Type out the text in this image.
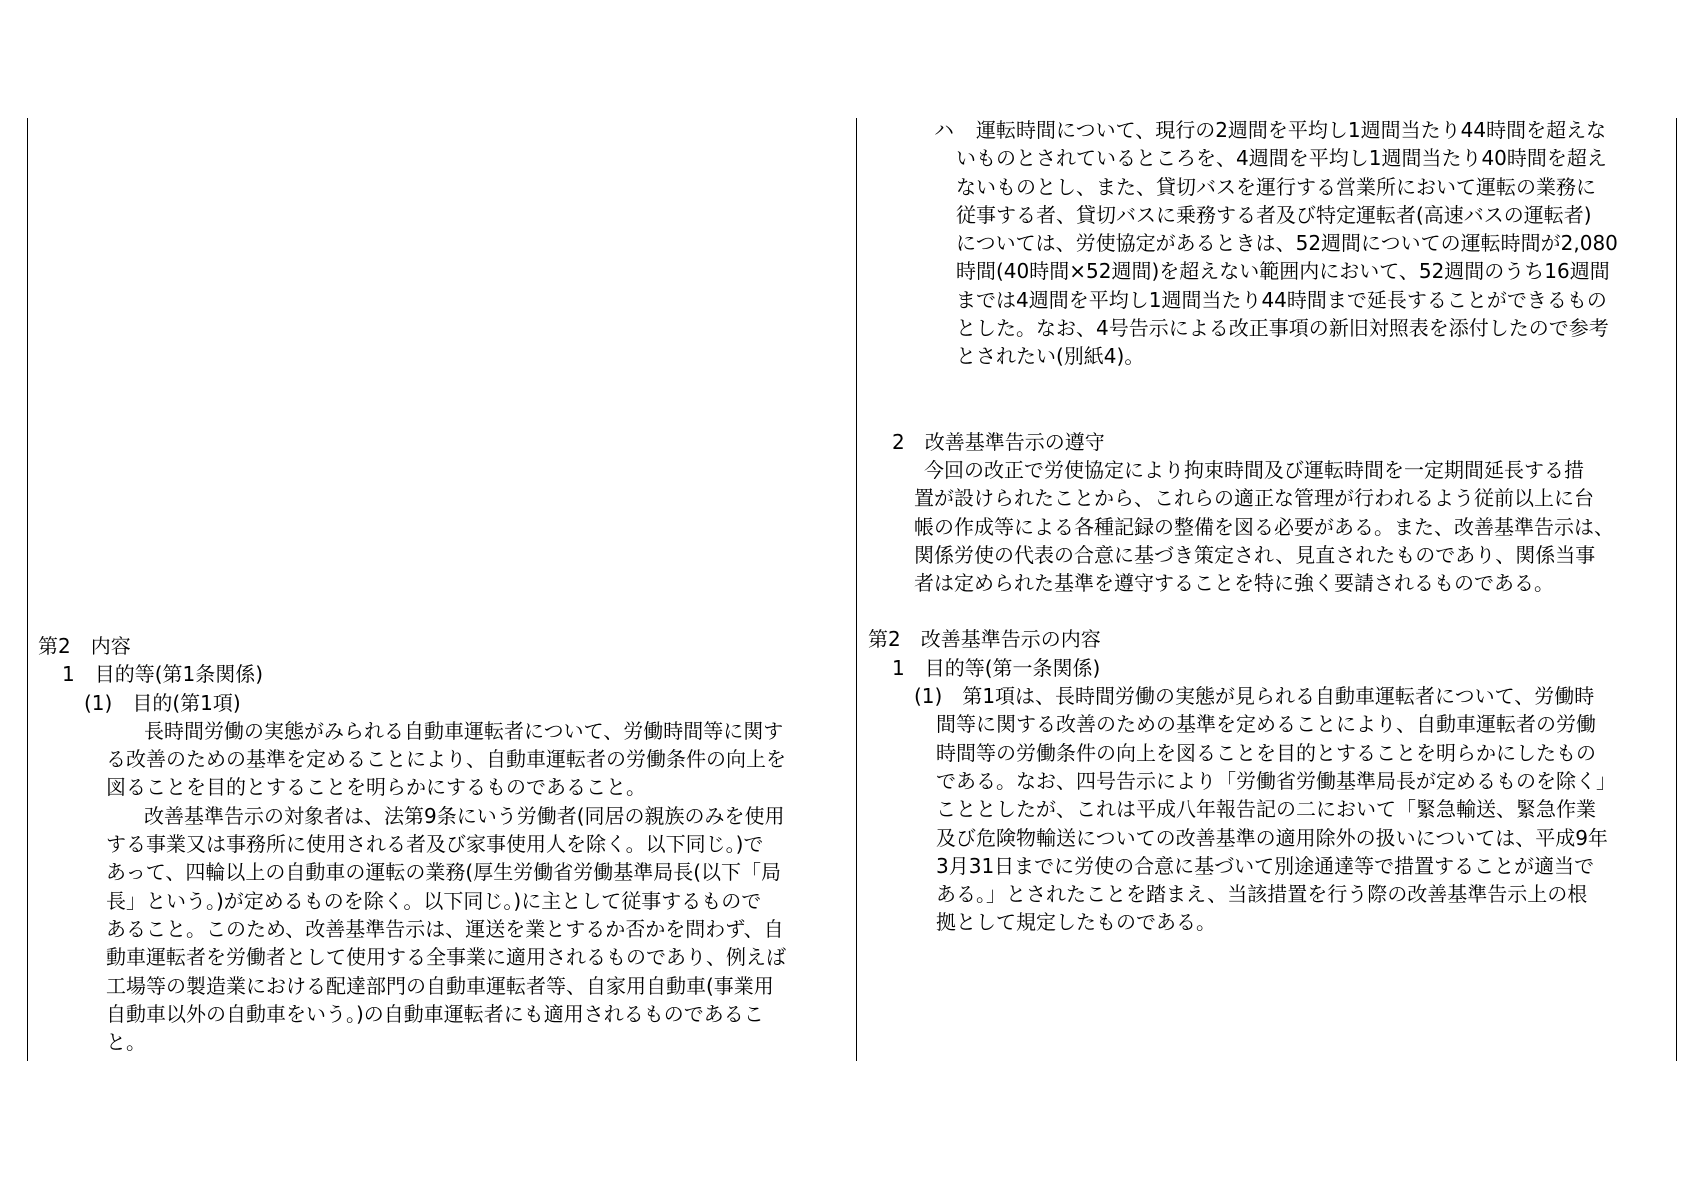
第2　内容

1　目的等(第1条関係)

(1)　目的(第1項)

長時間労働の実態がみられる自動車運転者について、労働時間等に関す

る改善のための基準を定めることにより、自動車運転者の労働条件の向上を

図ることを目的とすることを明らかにするものであること。

改善基準告示の対象者は、法第9条にいう労働者(同居の親族のみを使用

する事業又は事務所に使用される者及び家事使用人を除く。以下同じ。)で

あって、四輪以上の自動車の運転の業務(厚生労働省労働基準局長(以下「局

長」という。)が定めるものを除く。以下同じ。)に主として従事するもので

あること。このため、改善基準告示は、運送を業とするか否かを問わず、自

動車運転者を労働者として使用する全事業に適用されるものであり、例えば

工場等の製造業における配達部門の自動車運転者等、自家用自動車(事業用

自動車以外の自動車をいう。)の自動車運転者にも適用されるものであるこ

と。

ハ 運転時間について、現行の2週間を平均し1週間当たり44時間を超えな

いものとされているところを、4週間を平均し1週間当たり40時間を超え

ないものとし、また、貸切バスを運行する営業所において運転の業務に

従事する者、貸切バスに乗務する者及び特定運転者(高速バスの運転者)

については、労使協定があるときは、52週間についての運転時間が2,080

時間(40時間×52週間)を超えない範囲内において、52週間のうち16週間

までは4週間を平均し1週間当たり44時間まで延長することができるもの

とした。なお、4号告示による改正事項の新旧対照表を添付したので参考

とされたい(別紙4)。

2　改善基準告示の遵守

今回の改正で労使協定により拘束時間及び運転時間を一定期間延長する措

置が設けられたことから、これらの適正な管理が行われるよう従前以上に台

帳の作成等による各種記録の整備を図る必要がある。また、改善基準告示は、

関係労使の代表の合意に基づき策定され、見直されたものであり、関係当事

者は定められた基準を遵守することを特に強く要請されるものである。

第2　改善基準告示の内容

1　目的等(第一条関係)

(1)　第1項は、長時間労働の実態が見られる自動車運転者について、労働時

間等に関する改善のための基準を定めることにより、自動車運転者の労働

時間等の労働条件の向上を図ることを目的とすることを明らかにしたもの

である。なお、四号告示により「労働省労働基準局長が定めるものを除く」

こととしたが、これは平成八年報告記の二において「緊急輸送、緊急作業

及び危険物輸送についての改善基準の適用除外の扱いについては、平成9年

3月31日までに労使の合意に基づいて別途通達等で措置することが適当で

ある。」とされたことを踏まえ、当該措置を行う際の改善基準告示上の根

拠として規定したものである。
